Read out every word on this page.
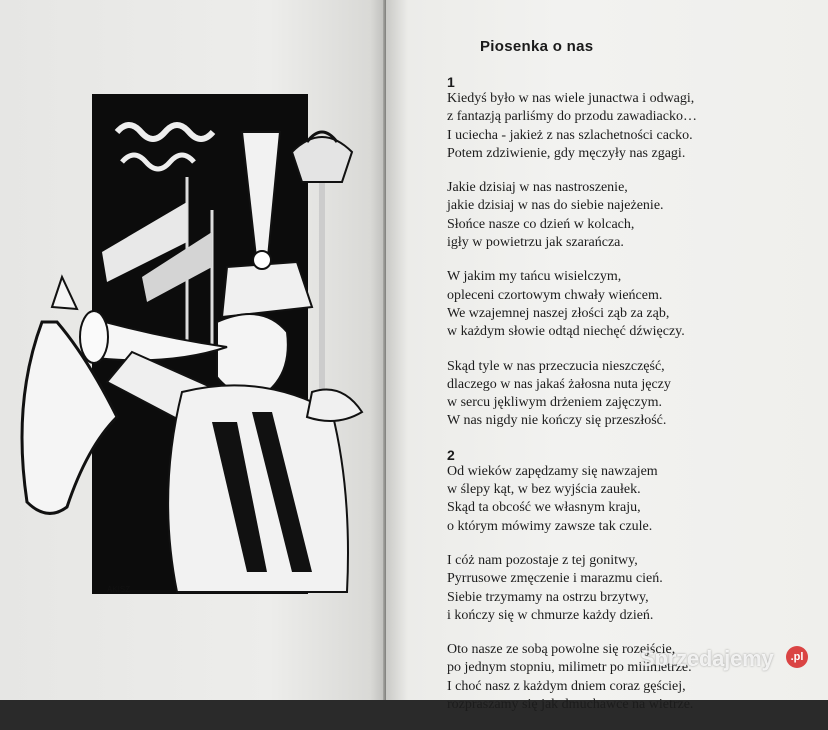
AKISZ
Piosenka o nas
1
Kiedyś było w nas wiele junactwa i odwagi,
z fantazją parliśmy do przodu zawadiacko…
I uciecha - jakież z nas szlachetności cacko.
Potem zdziwienie, gdy męczyły nas zgagi.
Jakie dzisiaj w nas nastroszenie,
jakie dzisiaj w nas do siebie najeżenie.
Słońce nasze co dzień w kolcach,
igły w powietrzu jak szarańcza.
W jakim my tańcu wisielczym,
opleceni czortowym chwały wieńcem.
We wzajemnej naszej złości ząb za ząb,
w każdym słowie odtąd niechęć dźwięczy.
Skąd tyle w nas przeczucia nieszczęść,
dlaczego w nas jakaś żałosna nuta jęczy
w sercu jękliwym drżeniem zajęczym.
W nas nigdy nie kończy się przeszłość.
2
Od wieków zapędzamy się nawzajem
w ślepy kąt, w bez wyjścia zaułek.
Skąd ta obcość we własnym kraju,
o którym mówimy zawsze tak czule.
I cóż nam pozostaje z tej gonitwy,
Pyrrusowe zmęczenie i marazmu cień.
Siebie trzymamy na ostrzu brzytwy,
i kończy się w chmurze każdy dzień.
Oto nasze ze sobą powolne się rozejście,
po jednym stopniu, milimetr po milimetrze.
I choć nasz z każdym dniem coraz gęściej,
rozpraszamy się jak dmuchawce na wietrze.
Sprzedajemy	.pl
